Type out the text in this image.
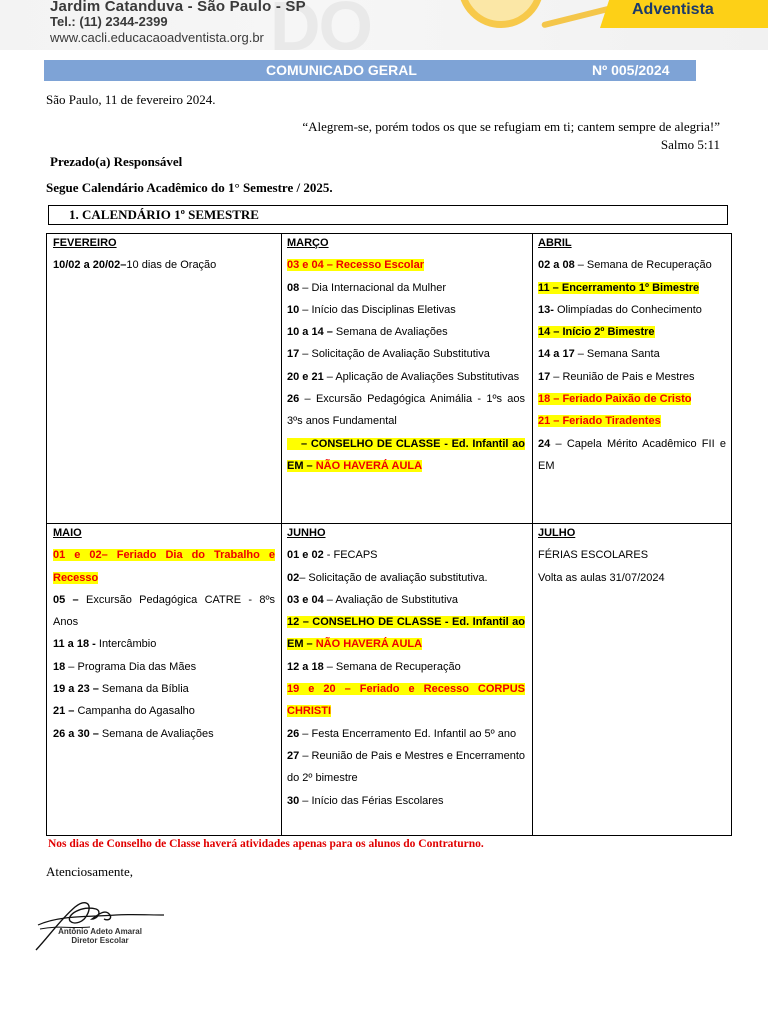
DO	Adventista
Jardim Catanduva - São Paulo - SP
Tel.: (11) 2344-2399
www.cacli.educacaoadventista.org.br
COMUNICADO GERAL	Nº 005/2024
São Paulo, 11 de fevereiro 2024.
“Alegrem-se, porém todos os que se refugiam em ti; cantem sempre de alegria!”
Salmo 5:11
Prezado(a) Responsável
Segue Calendário Acadêmico do 1° Semestre / 2025.
1. CALENDÁRIO 1º SEMESTRE
FEVEREIRO
10/02 a 20/02–10 dias de Oração
MARÇO
03 e 04 – Recesso Escolar
08 – Dia Internacional da Mulher
10 – Início das Disciplinas Eletivas
10 a 14 – Semana de Avaliações
17 – Solicitação de Avaliação Substitutiva
20 e 21 – Aplicação de Avaliações Substitutivas
26 – Excursão Pedagógica Animália - 1ºs aos 3ºs anos Fundamental
– CONSELHO DE CLASSE - Ed. Infantil ao EM – NÃO HAVERÁ AULA
ABRIL
02 a 08 – Semana de Recuperação
11 – Encerramento 1º Bimestre
13- Olimpíadas do Conhecimento
14 – Início 2º Bimestre
14 a 17 – Semana Santa
17 – Reunião de Pais e Mestres
18 – Feriado Paixão de Cristo
21 – Feriado Tiradentes
24 – Capela Mérito Acadêmico FII e EM
MAIO
01 e 02– Feriado Dia do Trabalho e Recesso
05 – Excursão Pedagógica CATRE - 8ºs Anos
11 a 18 - Intercâmbio
18 – Programa Dia das Mães
19 a 23 – Semana da Bíblia
21 – Campanha do Agasalho
26 a 30 – Semana de Avaliações
JUNHO
01 e 02 - FECAPS
02– Solicitação de avaliação substitutiva.
03 e 04 – Avaliação de Substitutiva
12 – CONSELHO DE CLASSE - Ed. Infantil ao EM – NÃO HAVERÁ AULA
12 a 18 – Semana de Recuperação
19 e 20 – Feriado e Recesso CORPUS CHRISTI
26 – Festa Encerramento Ed. Infantil ao 5º ano
27 – Reunião de Pais e Mestres e Encerramento do 2º bimestre
30 – Início das Férias Escolares
JULHO
FÉRIAS ESCOLARES
Volta as aulas 31/07/2024
Nos dias de Conselho de Classe haverá atividades apenas para os alunos do Contraturno.
Atenciosamente,
Antônio Adeto Amaral
Diretor Escolar
